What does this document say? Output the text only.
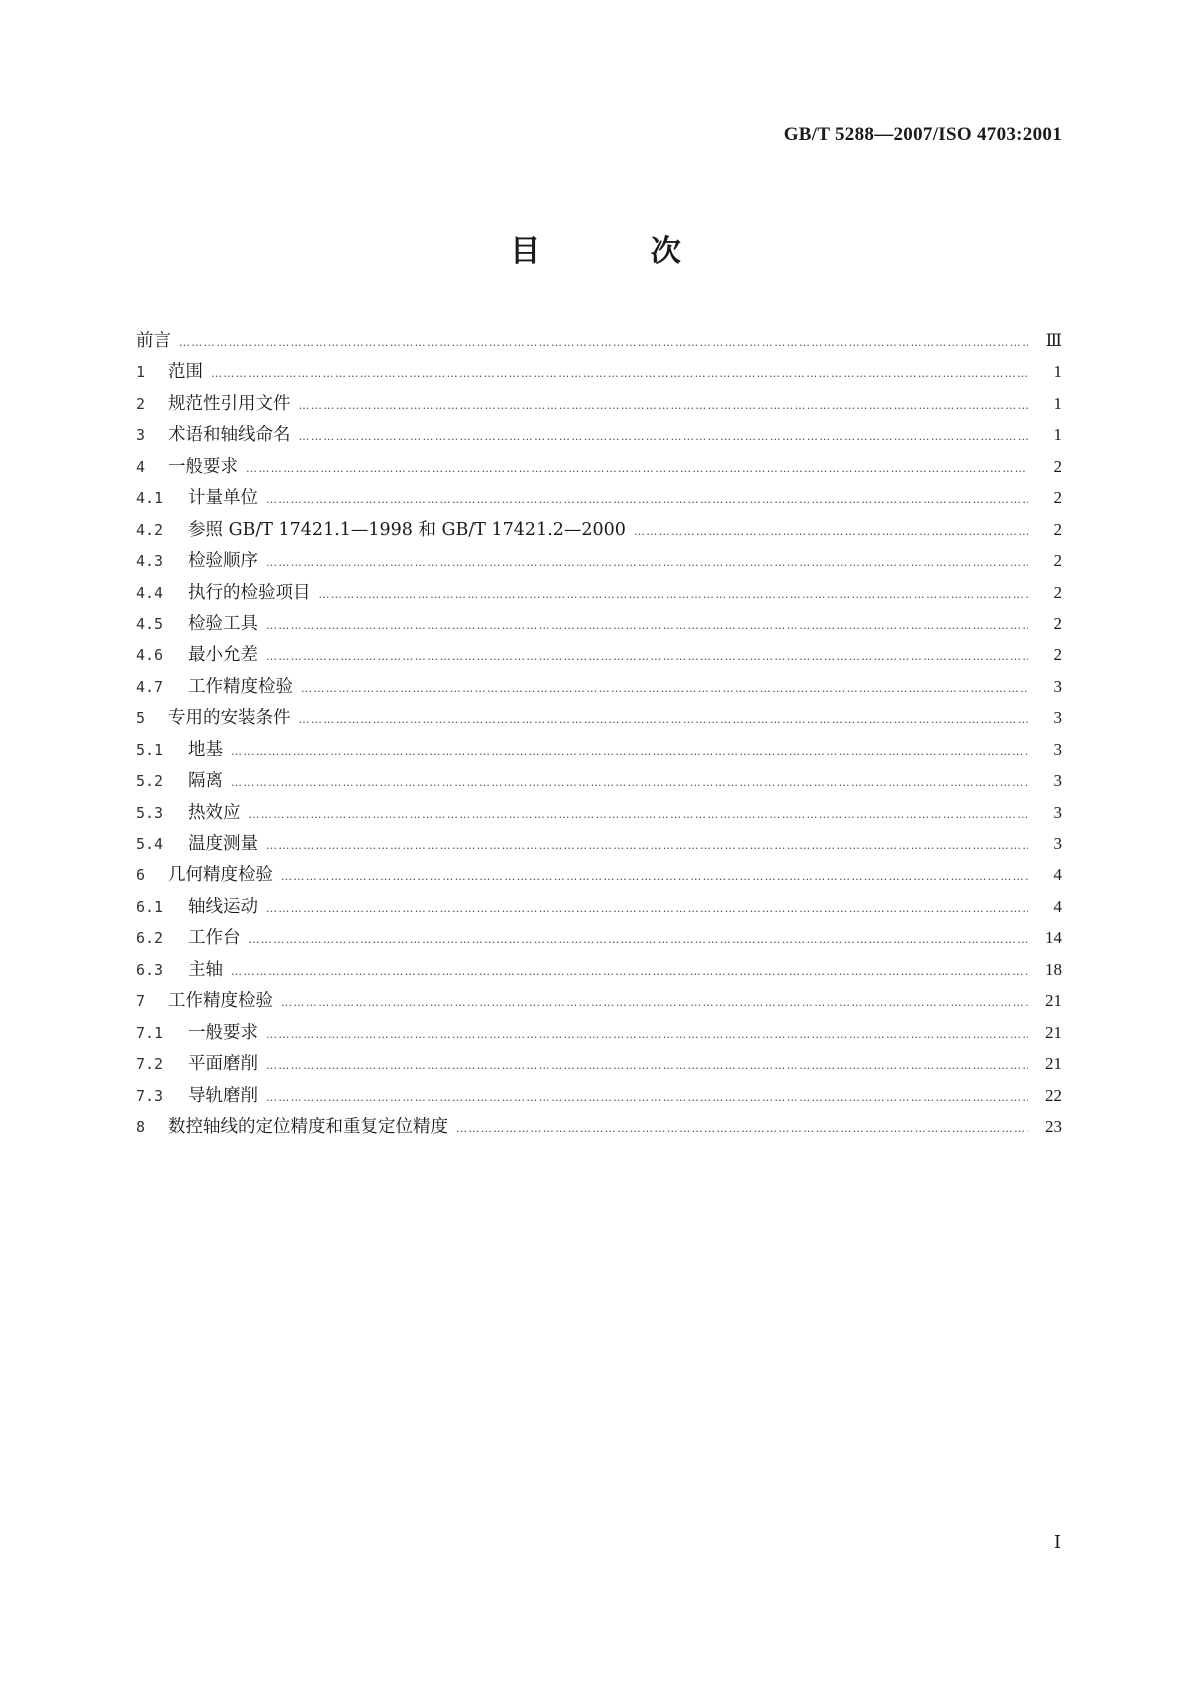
GB/T 5288—2007/ISO 4703:2001
目 次
前言 …………………………………………………………………………………………………………………………………………………………………………………………………………………………	Ⅲ
1	范围 …………………………………………………………………………………………………………………………………………………………………………………………………………………………	1
2	规范性引用文件 …………………………………………………………………………………………………………………………………………………………………………………………………………………………	1
3	术语和轴线命名 …………………………………………………………………………………………………………………………………………………………………………………………………………………………	1
4	一般要求 …………………………………………………………………………………………………………………………………………………………………………………………………………………………	2
4.1	计量单位 …………………………………………………………………………………………………………………………………………………………………………………………………………………………	2
4.2	参照 GB/T 17421.1—1998 和 GB/T 17421.2—2000 …………………………………………………………………………………………………………………………………………………………………………………………………………………………	2
4.3	检验顺序 …………………………………………………………………………………………………………………………………………………………………………………………………………………………	2
4.4	执行的检验项目 …………………………………………………………………………………………………………………………………………………………………………………………………………………………	2
4.5	检验工具 …………………………………………………………………………………………………………………………………………………………………………………………………………………………	2
4.6	最小允差 …………………………………………………………………………………………………………………………………………………………………………………………………………………………	2
4.7	工作精度检验 …………………………………………………………………………………………………………………………………………………………………………………………………………………………	3
5	专用的安装条件 …………………………………………………………………………………………………………………………………………………………………………………………………………………………	3
5.1	地基 …………………………………………………………………………………………………………………………………………………………………………………………………………………………	3
5.2	隔离 …………………………………………………………………………………………………………………………………………………………………………………………………………………………	3
5.3	热效应 …………………………………………………………………………………………………………………………………………………………………………………………………………………………	3
5.4	温度测量 …………………………………………………………………………………………………………………………………………………………………………………………………………………………	3
6	几何精度检验 …………………………………………………………………………………………………………………………………………………………………………………………………………………………	4
6.1	轴线运动 …………………………………………………………………………………………………………………………………………………………………………………………………………………………	4
6.2	工作台 …………………………………………………………………………………………………………………………………………………………………………………………………………………………	14
6.3	主轴 …………………………………………………………………………………………………………………………………………………………………………………………………………………………	18
7	工作精度检验 …………………………………………………………………………………………………………………………………………………………………………………………………………………………	21
7.1	一般要求 …………………………………………………………………………………………………………………………………………………………………………………………………………………………	21
7.2	平面磨削 …………………………………………………………………………………………………………………………………………………………………………………………………………………………	21
7.3	导轨磨削 …………………………………………………………………………………………………………………………………………………………………………………………………………………………	22
8	数控轴线的定位精度和重复定位精度 …………………………………………………………………………………………………………………………………………………………………………………………………………………………	23
Ⅰ
